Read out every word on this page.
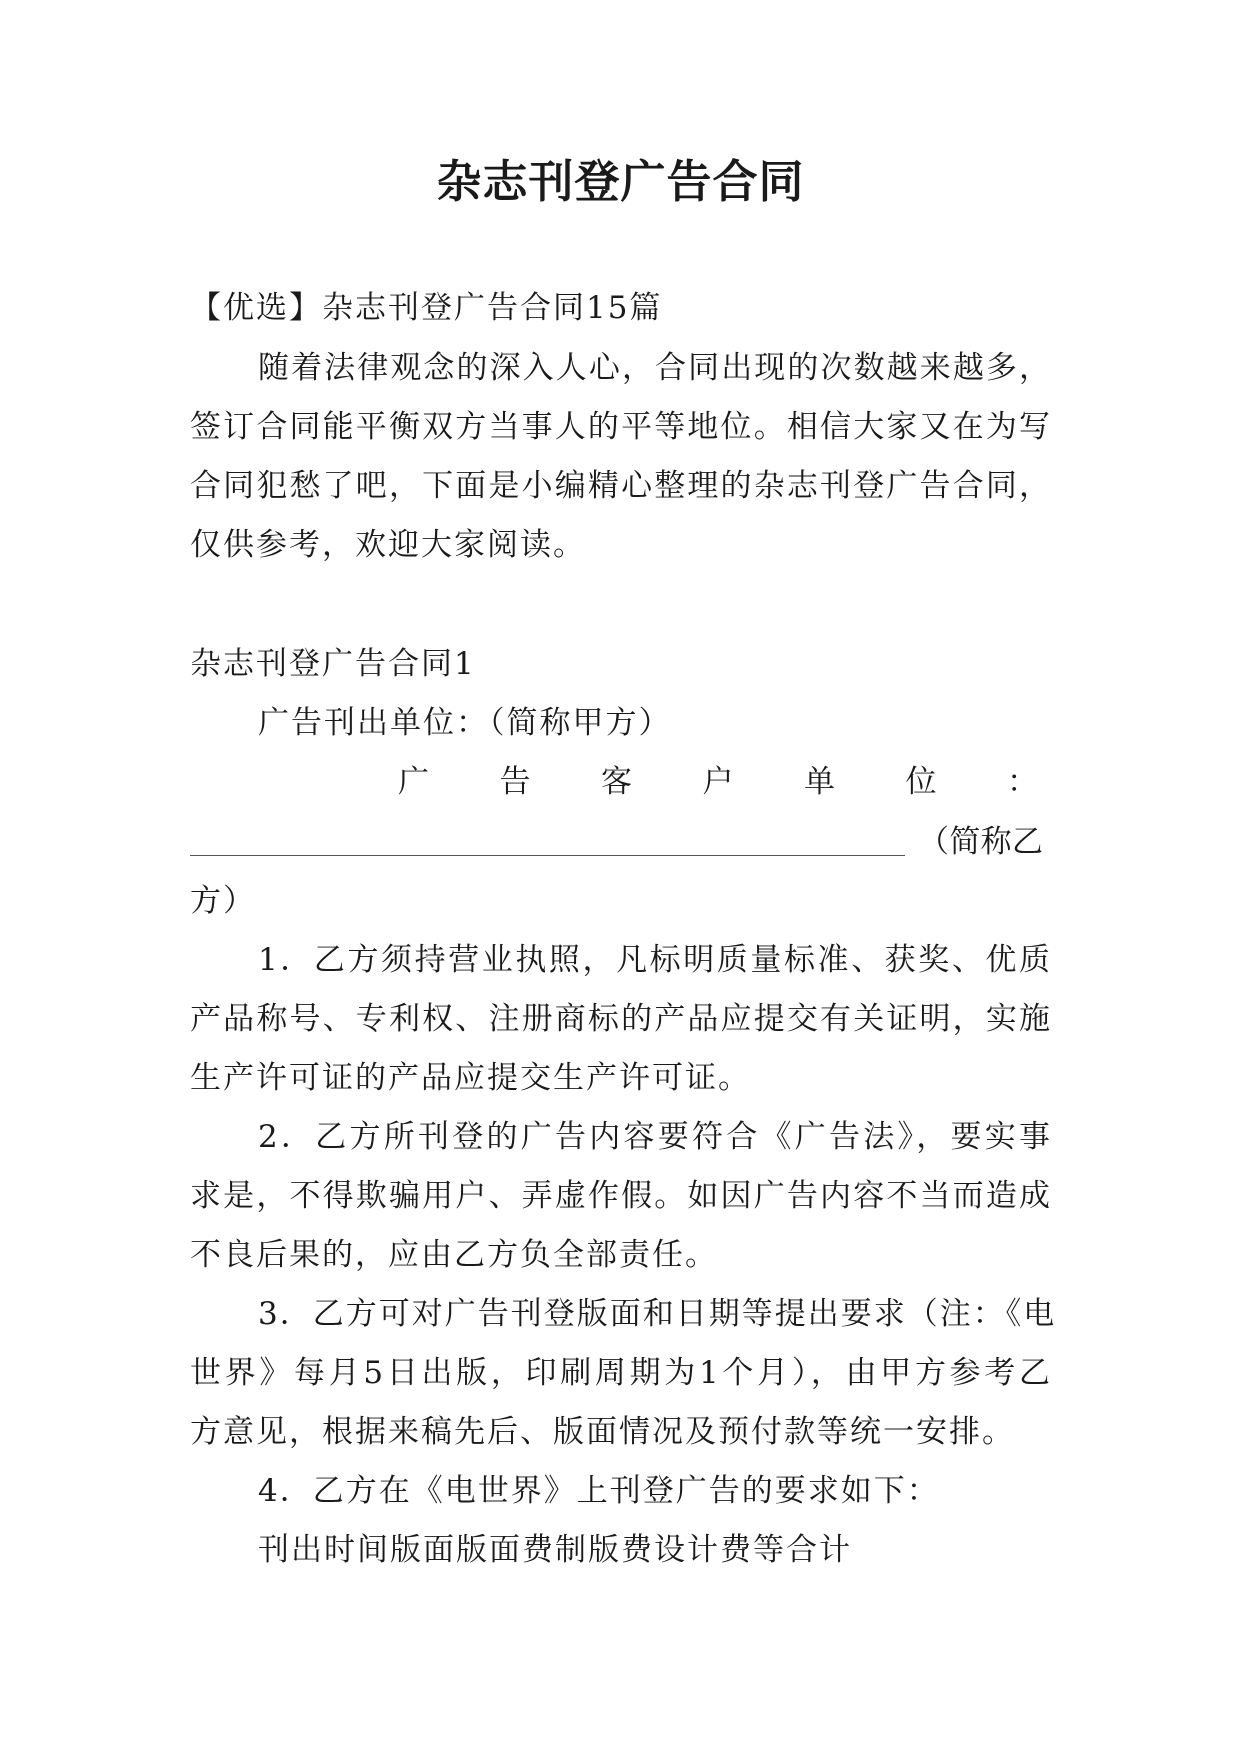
杂志刊登广告合同
【优选】杂志刊登广告合同15篇
随着法律观念的深入人心，合同出现的次数越来越多，
签订合同能平衡双方当事人的平等地位。相信大家又在为写
合同犯愁了吧，下面是小编精心整理的杂志刊登广告合同，
仅供参考，欢迎大家阅读。
杂志刊登广告合同1
广告刊出单位：（简称甲方）
广 告 客 户 单 位 ：
（ 简 称 乙
方）
1．乙方须持营业执照，凡标明质量标准、获奖、优质
产品称号、专利权、注册商标的产品应提交有关证明，实施
生产许可证的产品应提交生产许可证。
2．乙方所刊登的广告内容要符合《广告法》，要实事
求是，不得欺骗用户、弄虚作假。如因广告内容不当而造成
不良后果的，应由乙方负全部责任。
3．乙方可对广告刊登版面和日期等提出要求（注：《电
世界》每月5日出版，印刷周期为1个月），由甲方参考乙
方意见，根据来稿先后、版面情况及预付款等统一安排。
4．乙方在《电世界》上刊登广告的要求如下：
刊出时间版面版面费制版费设计费等合计
